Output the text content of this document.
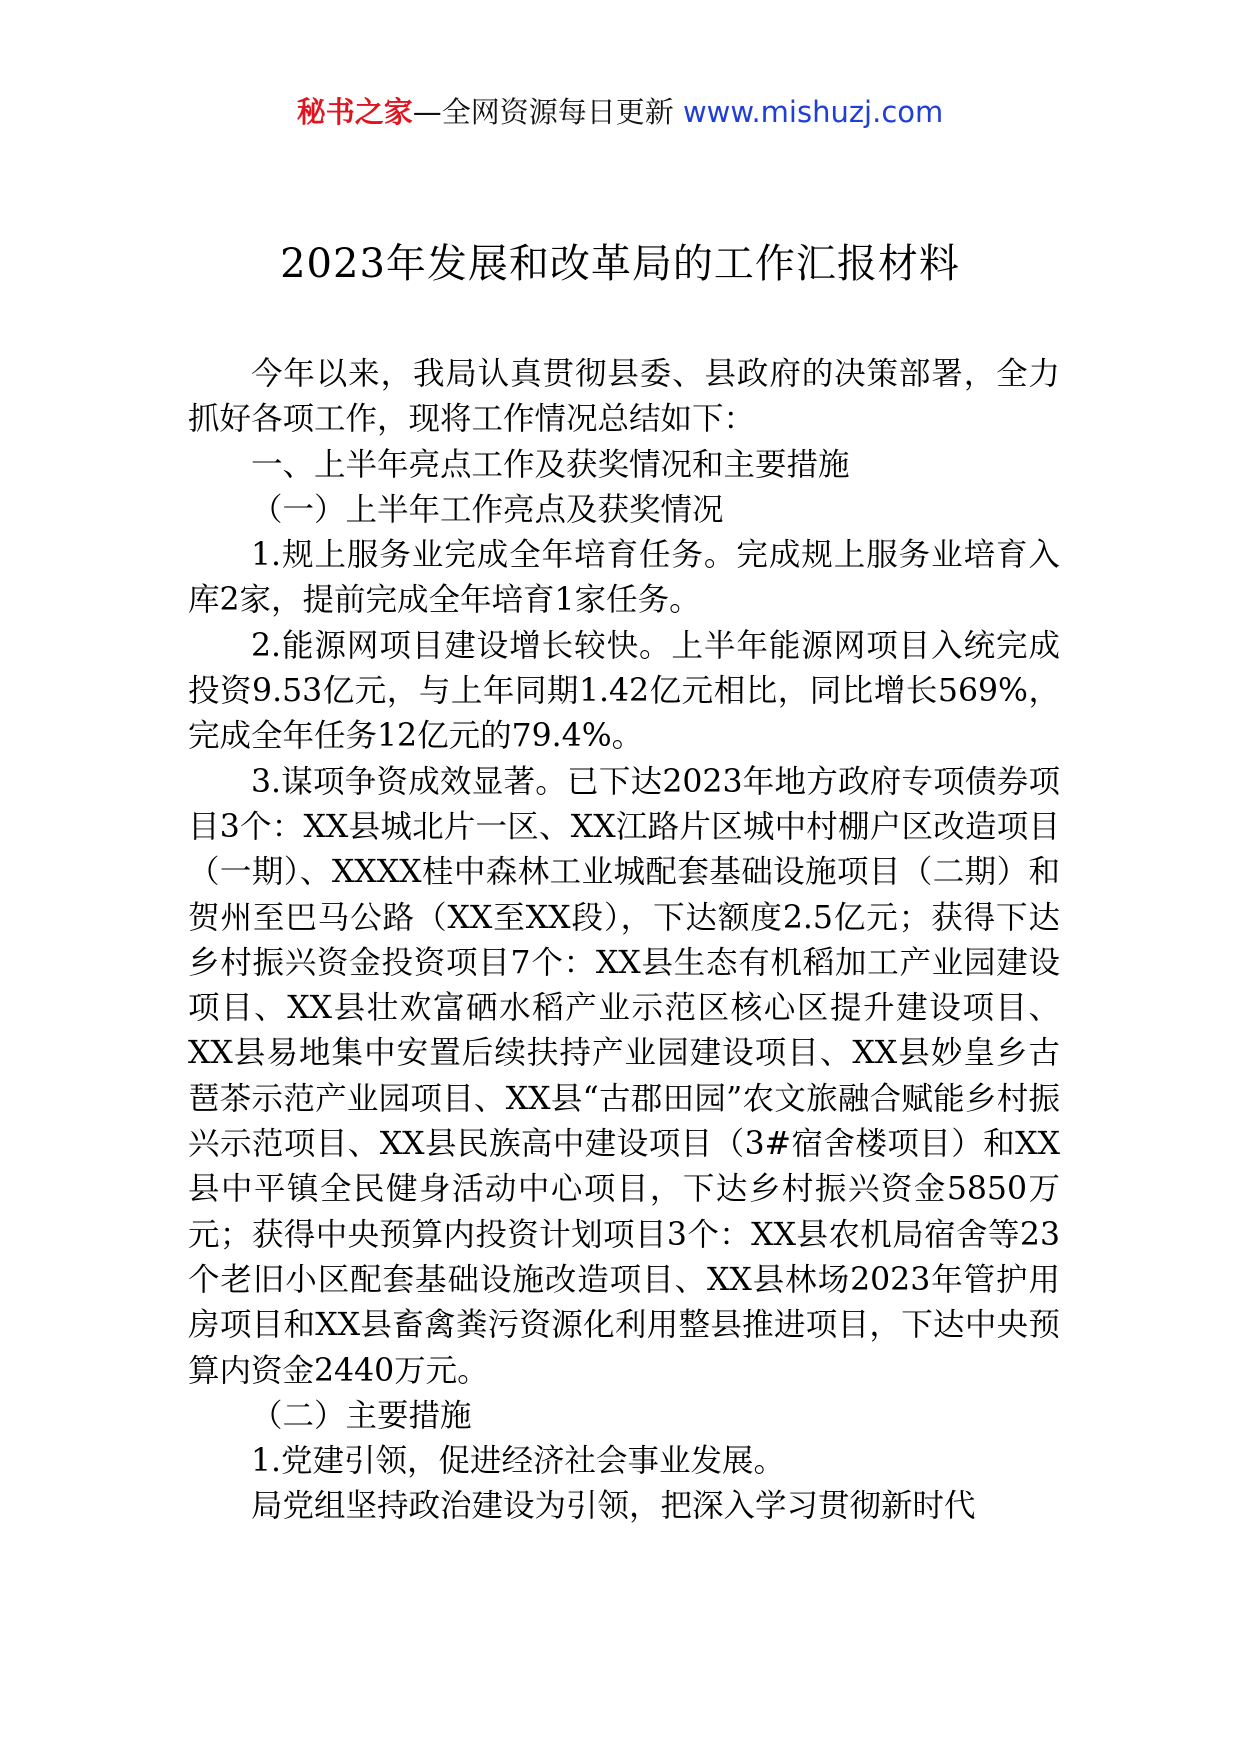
秘书之家—全网资源每日更新 www.mishuzj.com
2023年发展和改革局的工作汇报材料

今年以来，我局认真贯彻县委、县政府的决策部署，全力抓好各项工作，现将工作情况总结如下：

一、上半年亮点工作及获奖情况和主要措施

（一）上半年工作亮点及获奖情况

1.规上服务业完成全年培育任务。完成规上服务业培育入库2家，提前完成全年培育1家任务。

2.能源网项目建设增长较快。上半年能源网项目入统完成投资9.53亿元，与上年同期1.42亿元相比，同比增长569%，完成全年任务12亿元的79.4%。

3.谋项争资成效显著。已下达2023年地方政府专项债券项目3个：XX县城北片一区、XX江路片区城中村棚户区改造项目（一期）、XXXX桂中森林工业城配套基础设施项目（二期）和贺州至巴马公路（XX至XX段），下达额度2.5亿元；获得下达乡村振兴资金投资项目7个：XX县生态有机稻加工产业园建设项目、XX县壮欢富硒水稻产业示范区核心区提升建设项目、XX县易地集中安置后续扶持产业园建设项目、XX县妙皇乡古琶茶示范产业园项目、XX县“古郡田园”农文旅融合赋能乡村振兴示范项目、XX县民族高中建设项目（3#宿舍楼项目）和XX县中平镇全民健身活动中心项目，下达乡村振兴资金5850万元；获得中央预算内投资计划项目3个：XX县农机局宿舍等23个老旧小区配套基础设施改造项目、XX县林场2023年管护用房项目和XX县畜禽粪污资源化利用整县推进项目，下达中央预算内资金2440万元。

（二）主要措施

1.党建引领，促进经济社会事业发展。

局党组坚持政治建设为引领，把深入学习贯彻新时代
